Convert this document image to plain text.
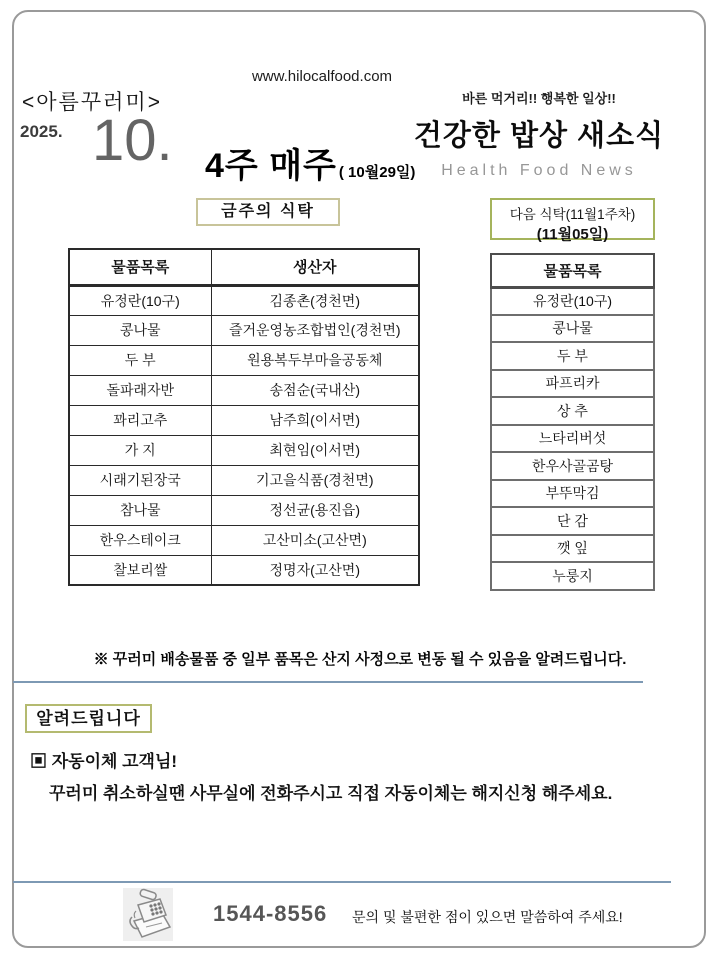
www.hilocalfood.com
<아름꾸러미>
2025. 10. 4주 매주 ( 10월29일)
바른 먹거리!! 행복한 일상!!
건강한 밥상 새소식
Health Food News
금주의 식탁	다음 식탁(11월1주차)
(11월05일)
물품목록	생산자
유정란(10구)	김종촌(경천면)
콩나물	즐거운영농조합법인(경천면)
두 부	원용복두부마을공동체
돌파래자반	송점순(국내산)
꽈리고추	남주희(이서면)
가 지	최현임(이서면)
시래기된장국	기고을식품(경천면)
참나물	정선균(용진읍)
한우스테이크	고산미소(고산면)
찰보리쌀	정명자(고산면)
물품목록
유정란(10구)
콩나물
두 부
파프리카
상 추
느타리버섯
한우사골곰탕
부뚜막김
단 감
깻 잎
누룽지
※ 꾸러미 배송물품 중 일부 품목은 산지 사정으로 변동 될 수 있음을 알려드립니다.
알려드립니다
▣ 자동이체 고객님!
꾸러미 취소하실땐 사무실에 전화주시고 직접 자동이체는 해지신청 해주세요.
1544-8556 문의 및 불편한 점이 있으면 말씀하여 주세요!
